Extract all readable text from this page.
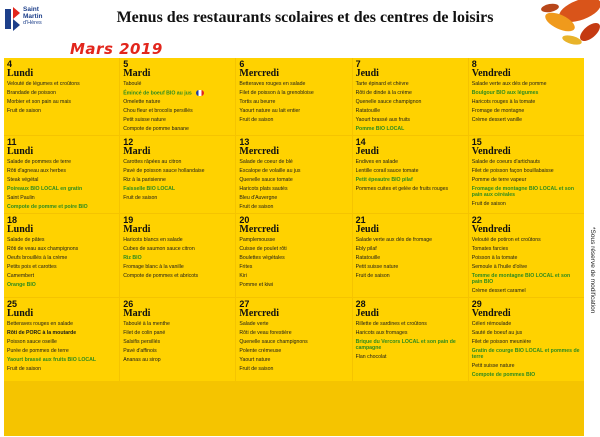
Saint
Martin
d'Hères	Menus des restaurants scolaires et des centres de loisirs
Mars 2019
*Sous réserve de modification
4
Lundi
Velouté de légumes et croûtons
Brandade de poisson
Morbier et son pain au mais
Fruit de saison
5
Mardi
Taboulé
Émincé de boeuf BIO au jus
Omelette nature
Chou fleur et brocolis persillés
Petit suisse nature
Compote de pomme banane
6
Mercredi
Betteraves rouges en salade
Filet de poisson à la grenobloise
Tortis au beurre
Yaourt nature au lait entier
Fruit de saison
7
Jeudi
Tarte épinard et chèvre
Rôti de dinde à la crème
Quenelle sauce champignon
Ratatouille
Yaourt brassé aux fruits
Pomme BIO LOCAL
8
Vendredi
Salade verte aux dés de pomme
Boulgour BIO aux légumes
Haricots rouges à la tomate
Fromage de montagne
Crème dessert vanille
11
Lundi
Salade de pommes de terre
Rôti d'agneau aux herbes
Steak végétal
Poireaux BIO LOCAL en gratin
Saint Paulin
Compote de pomme et poire BIO
12
Mardi
Carottes râpées au citron
Pavé de poisson sauce hollandaise
Riz à la parisienne
Faisselle BIO LOCAL
Fruit de saison
13
Mercredi
Salade de coeur de blé
Escalope de volaille au jus
Quenelle sauce tomate
Haricots plats sautés
Bleu d'Auvergne
Fruit de saison
14
Jeudi
Endives en salade
Lentille corail sauce tomate
Petit épeautre BIO pilaf
Pommes cuites et gelée de fruits rouges
15
Vendredi
Salade de coeurs d'artichauts
Filet de poisson façon bouillabaisse
Pomme de terre vapeur
Fromage de montagne BIO LOCAL et son pain aux céréales
Fruit de saison
18
Lundi
Salade de pâtes
Rôti de veau aux champignons
Oeufs brouillés à la crème
Petits pois et carottes
Camembert
Orange BIO
19
Mardi
Haricots blancs en salade
Cubes de saumon sauce citron
Riz BIO
Fromage blanc à la vanille
Compote de pommes et abricots
20
Mercredi
Pamplemousse
Cuisse de poulet rôti
Boulettes végétales
Frites
Kiri
Pomme et kiwi
21
Jeudi
Salade verte aux dés de fromage
Ebly pilaf
Ratatouille
Petit suisse nature
Fruit de saison
22
Vendredi
Velouté de potiron et croûtons
Tomates farcies
Poisson à la tomate
Semoule à l'huile d'olive
Tomme de montagne BIO LOCAL et son pain BIO
Crème dessert caramel
25
Lundi
Betteraves rouges en salade
Rôti de PORC à la moutarde
Poisson sauce oseille
Purée de pommes de terre
Yaourt brassé aux fruits BIO LOCAL
Fruit de saison
26
Mardi
Taboulé à la menthe
Filet de colin pané
Salsifis persillés
Pavé d'affinois
Ananas au sirop
27
Mercredi
Salade verte
Rôti de veau forestière
Quenelle sauce champignons
Polente crémeuse
Yaourt nature
Fruit de saison
28
Jeudi
Rillette de sardines et croûtons
Haricots aux fromages
Brique du Vercors LOCAL et son pain de campagne
Flan chocolat
29
Vendredi
Céleri rémoulade
Sauté de boeuf au jus
Filet de poisson meunière
Gratin de courge BIO LOCAL et pommes de terre
Petit suisse nature
Compote de pommes BIO
